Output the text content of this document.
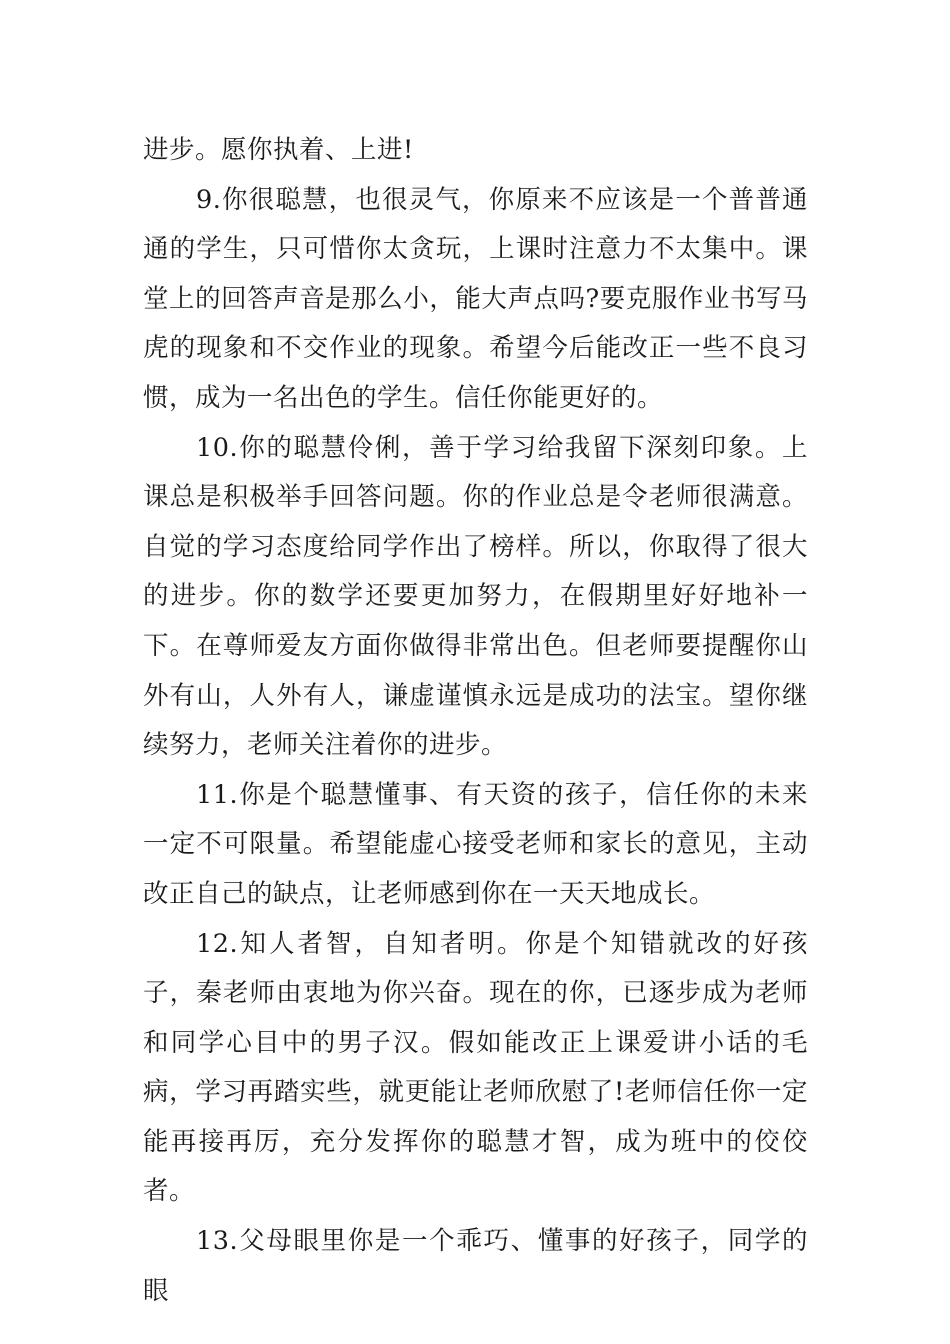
进步。愿你执着、上进!

9.你很聪慧，也很灵气，你原来不应该是一个普普通通的学生，只可惜你太贪玩，上课时注意力不太集中。课堂上的回答声音是那么小，能大声点吗?要克服作业书写马虎的现象和不交作业的现象。希望今后能改正一些不良习惯，成为一名出色的学生。信任你能更好的。

10.你的聪慧伶俐，善于学习给我留下深刻印象。上课总是积极举手回答问题。你的作业总是令老师很满意。自觉的学习态度给同学作出了榜样。所以，你取得了很大的进步。你的数学还要更加努力，在假期里好好地补一下。在尊师爱友方面你做得非常出色。但老师要提醒你山外有山，人外有人，谦虚谨慎永远是成功的法宝。望你继续努力，老师关注着你的进步。

11.你是个聪慧懂事、有天资的孩子，信任你的未来一定不可限量。希望能虚心接受老师和家长的意见，主动改正自己的缺点，让老师感到你在一天天地成长。

12.知人者智，自知者明。你是个知错就改的好孩子，秦老师由衷地为你兴奋。现在的你，已逐步成为老师和同学心目中的男子汉。假如能改正上课爱讲小话的毛病，学习再踏实些，就更能让老师欣慰了!老师信任你一定能再接再厉，充分发挥你的聪慧才智，成为班中的佼佼者。

13.父母眼里你是一个乖巧、懂事的好孩子，同学的眼
